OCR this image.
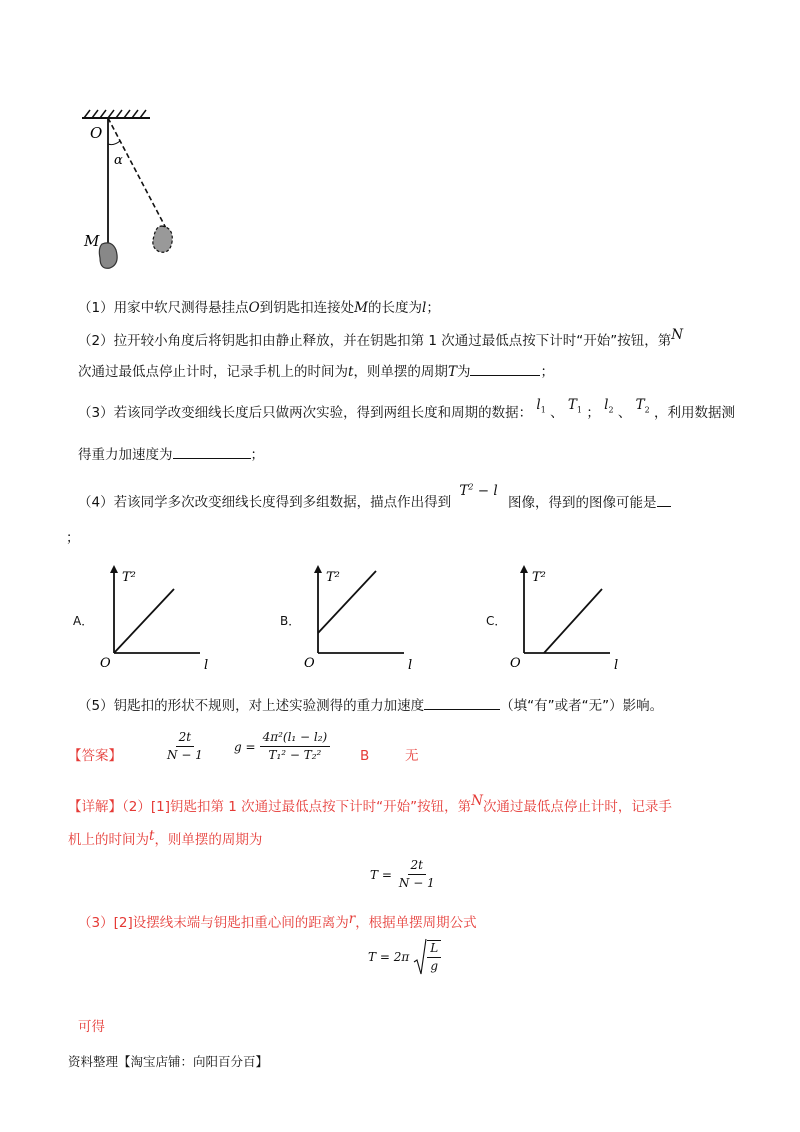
O
α
M
（1）用家中软尺测得悬挂点O到钥匙扣连接处M的长度为l；
（2）拉开较小角度后将钥匙扣由静止释放，并在钥匙扣第 1 次通过最低点按下计时“开始”按钮，第N
次通过最低点停止计时，记录手机上的时间为t，则单摆的周期T为	；
（3）若该同学改变细线长度后只做两次实验，得到两组长度和周期的数据： $l_1$ 、 $T_1$ ； $l_2$ 、 $T_2$ ，利用数据测
得重力加速度为	；
（4）若该同学多次改变细线长度得到多组数据，描点作出得到 $T^2 - l$ 图像，得到的图像可能是
；
A．
T²
l
O
B．
T²
l
O
C．
T²
l
O
（5）钥匙扣的形状不规则，对上述实验测得的重力加速度	（填“有”或者“无”）影响。
【答案】	$\frac{2t}{N - 1}$ $g = \frac{\text{4π²(l₁ − l₂)}}{\text{T₁² − T₂²}}$ B	无
【详解】（2）[1]钥匙扣第 1 次通过最低点按下计时“开始”按钮，第N次通过最低点停止计时，记录手
机上的时间为t，则单摆的周期为
$T = \frac{2t}{N - 1}$
（3）[2]设摆线末端与钥匙扣重心间的距离为r，根据单摆周期公式
$T = 2\pi \frac{L}{g}$
可得
资料整理【淘宝店铺：向阳百分百】
